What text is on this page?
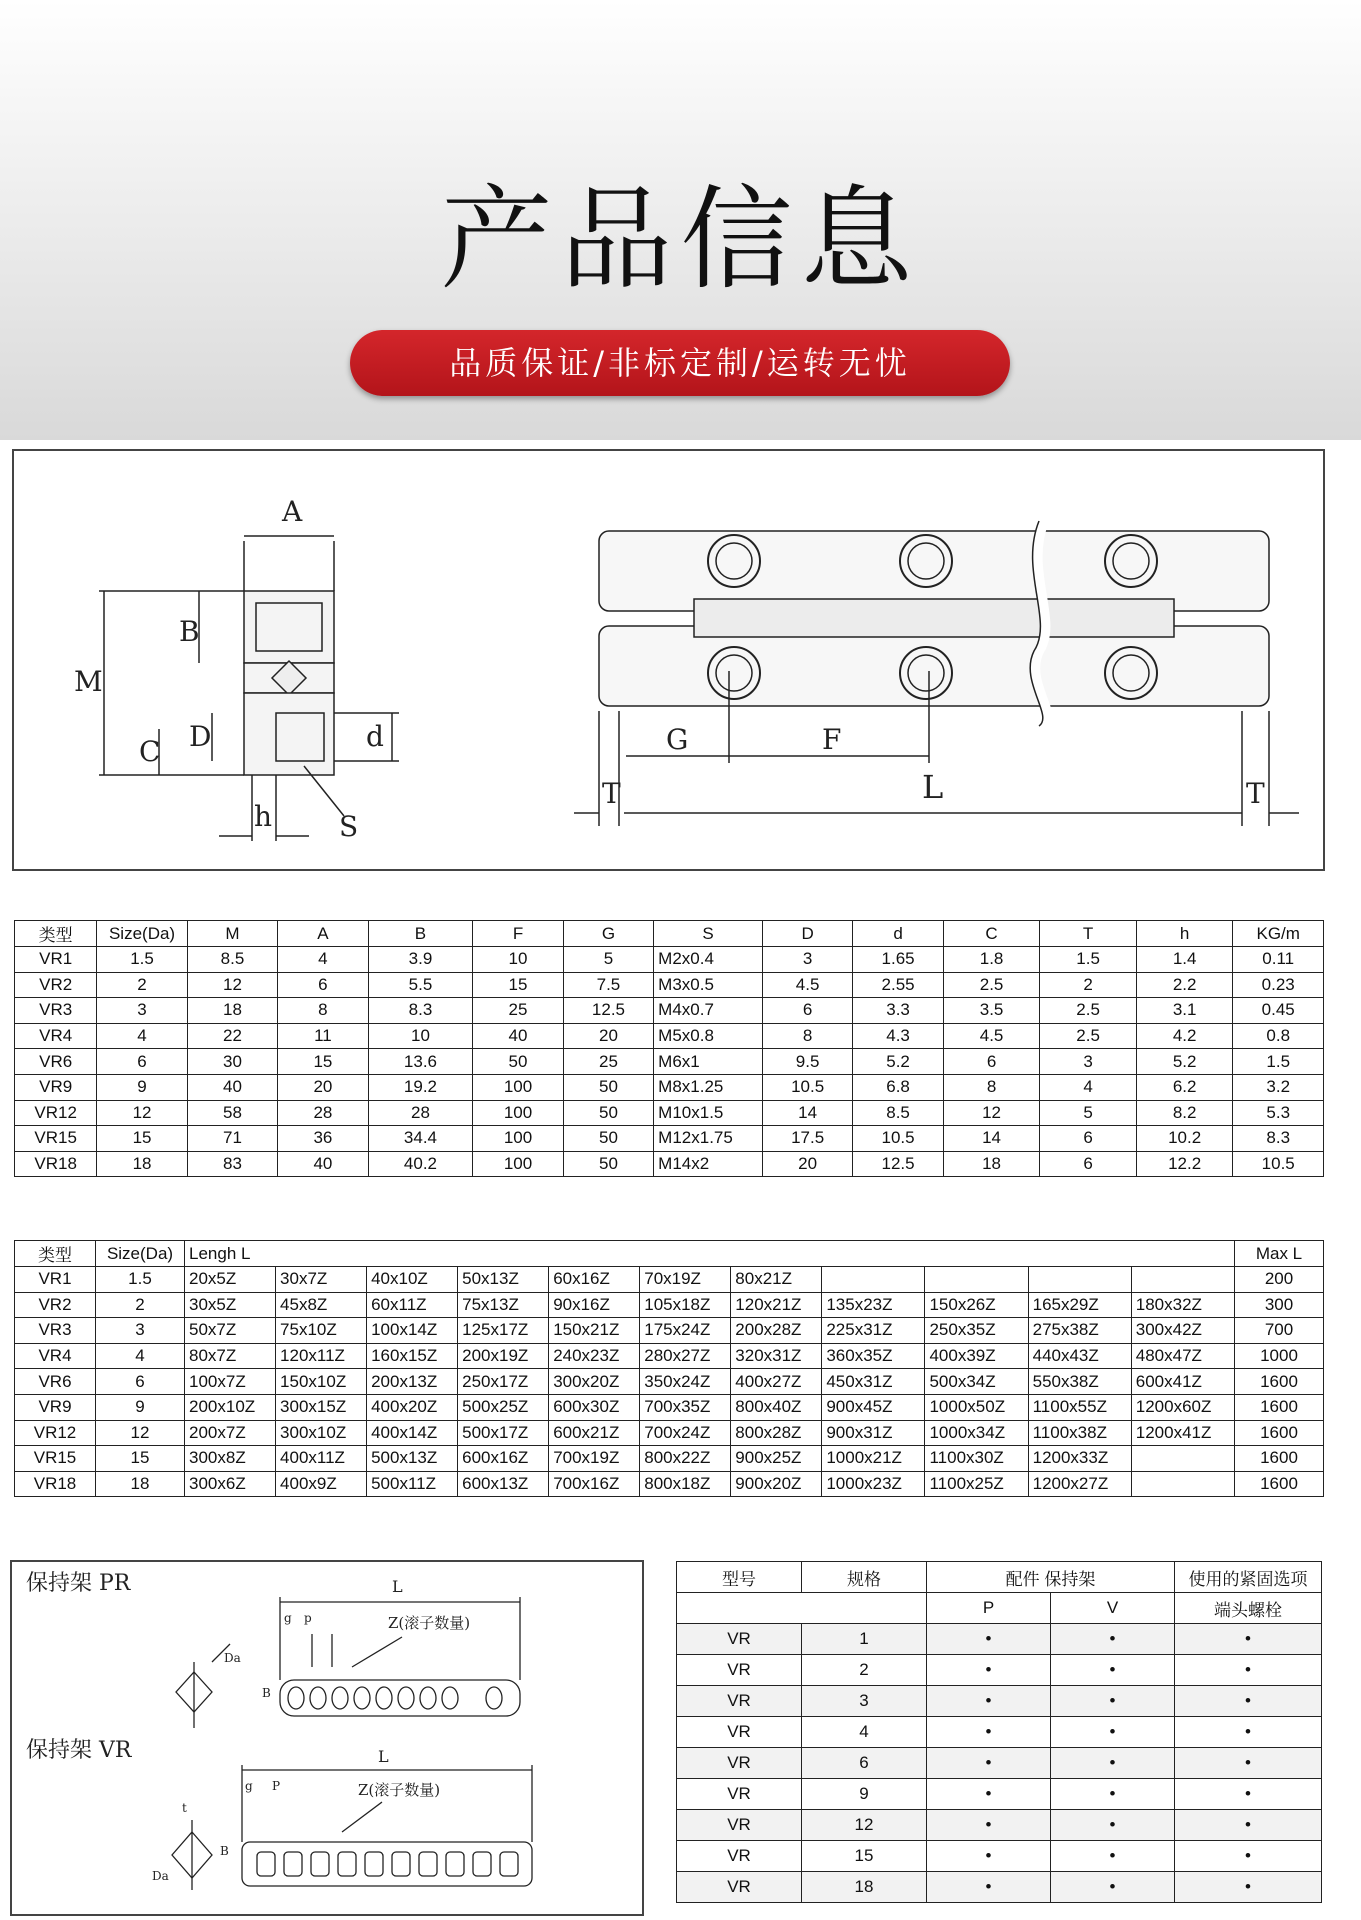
产品信息
品质保证/非标定制/运转无忧
A
M
B
C D	d
h S
G	F
L
T	T
类型	Size(Da)	M	A	B	F	G	S	D	d	C	T	h	KG/m
VR1	1.5	8.5	4	3.9	10	5	M2x0.4	3	1.65	1.8	1.5	1.4	0.11
VR2	2	12	6	5.5	15	7.5	M3x0.5	4.5	2.55	2.5	2	2.2	0.23
VR3	3	18	8	8.3	25	12.5	M4x0.7	6	3.3	3.5	2.5	3.1	0.45
VR4	4	22	11	10	40	20	M5x0.8	8	4.3	4.5	2.5	4.2	0.8
VR6	6	30	15	13.6	50	25	M6x1	9.5	5.2	6	3	5.2	1.5
VR9	9	40	20	19.2	100	50	M8x1.25	10.5	6.8	8	4	6.2	3.2
VR12	12	58	28	28	100	50	M10x1.5	14	8.5	12	5	8.2	5.3
VR15	15	71	36	34.4	100	50	M12x1.75	17.5	10.5	14	6	10.2	8.3
VR18	18	83	40	40.2	100	50	M14x2	20	12.5	18	6	12.2	10.5
类型	Size(Da)	Lengh L											Max L
VR1	1.5	20x5Z	30x7Z	40x10Z	50x13Z	60x16Z	70x19Z	80x21Z					200
VR2	2	30x5Z	45x8Z	60x11Z	75x13Z	90x16Z	105x18Z	120x21Z	135x23Z	150x26Z	165x29Z	180x32Z	300
VR3	3	50x7Z	75x10Z	100x14Z	125x17Z	150x21Z	175x24Z	200x28Z	225x31Z	250x35Z	275x38Z	300x42Z	700
VR4	4	80x7Z	120x11Z	160x15Z	200x19Z	240x23Z	280x27Z	320x31Z	360x35Z	400x39Z	440x43Z	480x47Z	1000
VR6	6	100x7Z	150x10Z	200x13Z	250x17Z	300x20Z	350x24Z	400x27Z	450x31Z	500x34Z	550x38Z	600x41Z	1600
VR9	9	200x10Z	300x15Z	400x20Z	500x25Z	600x30Z	700x35Z	800x40Z	900x45Z	1000x50Z	1100x55Z	1200x60Z	1600
VR12	12	200x7Z	300x10Z	400x14Z	500x17Z	600x21Z	700x24Z	800x28Z	900x31Z	1000x34Z	1100x38Z	1200x41Z	1600
VR15	15	300x8Z	400x11Z	500x13Z	600x16Z	700x19Z	800x22Z	900x25Z	1000x21Z	1100x30Z	1200x33Z		1600
VR18	18	300x6Z	400x9Z	500x11Z	600x13Z	700x16Z	800x18Z	900x20Z	1000x23Z	1100x25Z	1200x27Z		1600
保持架 PR
保持架 VR
Z(滚子数量)
Z(滚子数量)
L
L
g p
g P
B
B
Da
Da
t
型号	规格	配件 保持架		使用的紧固选项
		P	V	端头螺栓
VR	1	•	•	•
VR	2	•	•	•
VR	3	•	•	•
VR	4	•	•	•
VR	6	•	•	•
VR	9	•	•	•
VR	12	•	•	•
VR	15	•	•	•
VR	18	•	•	•
